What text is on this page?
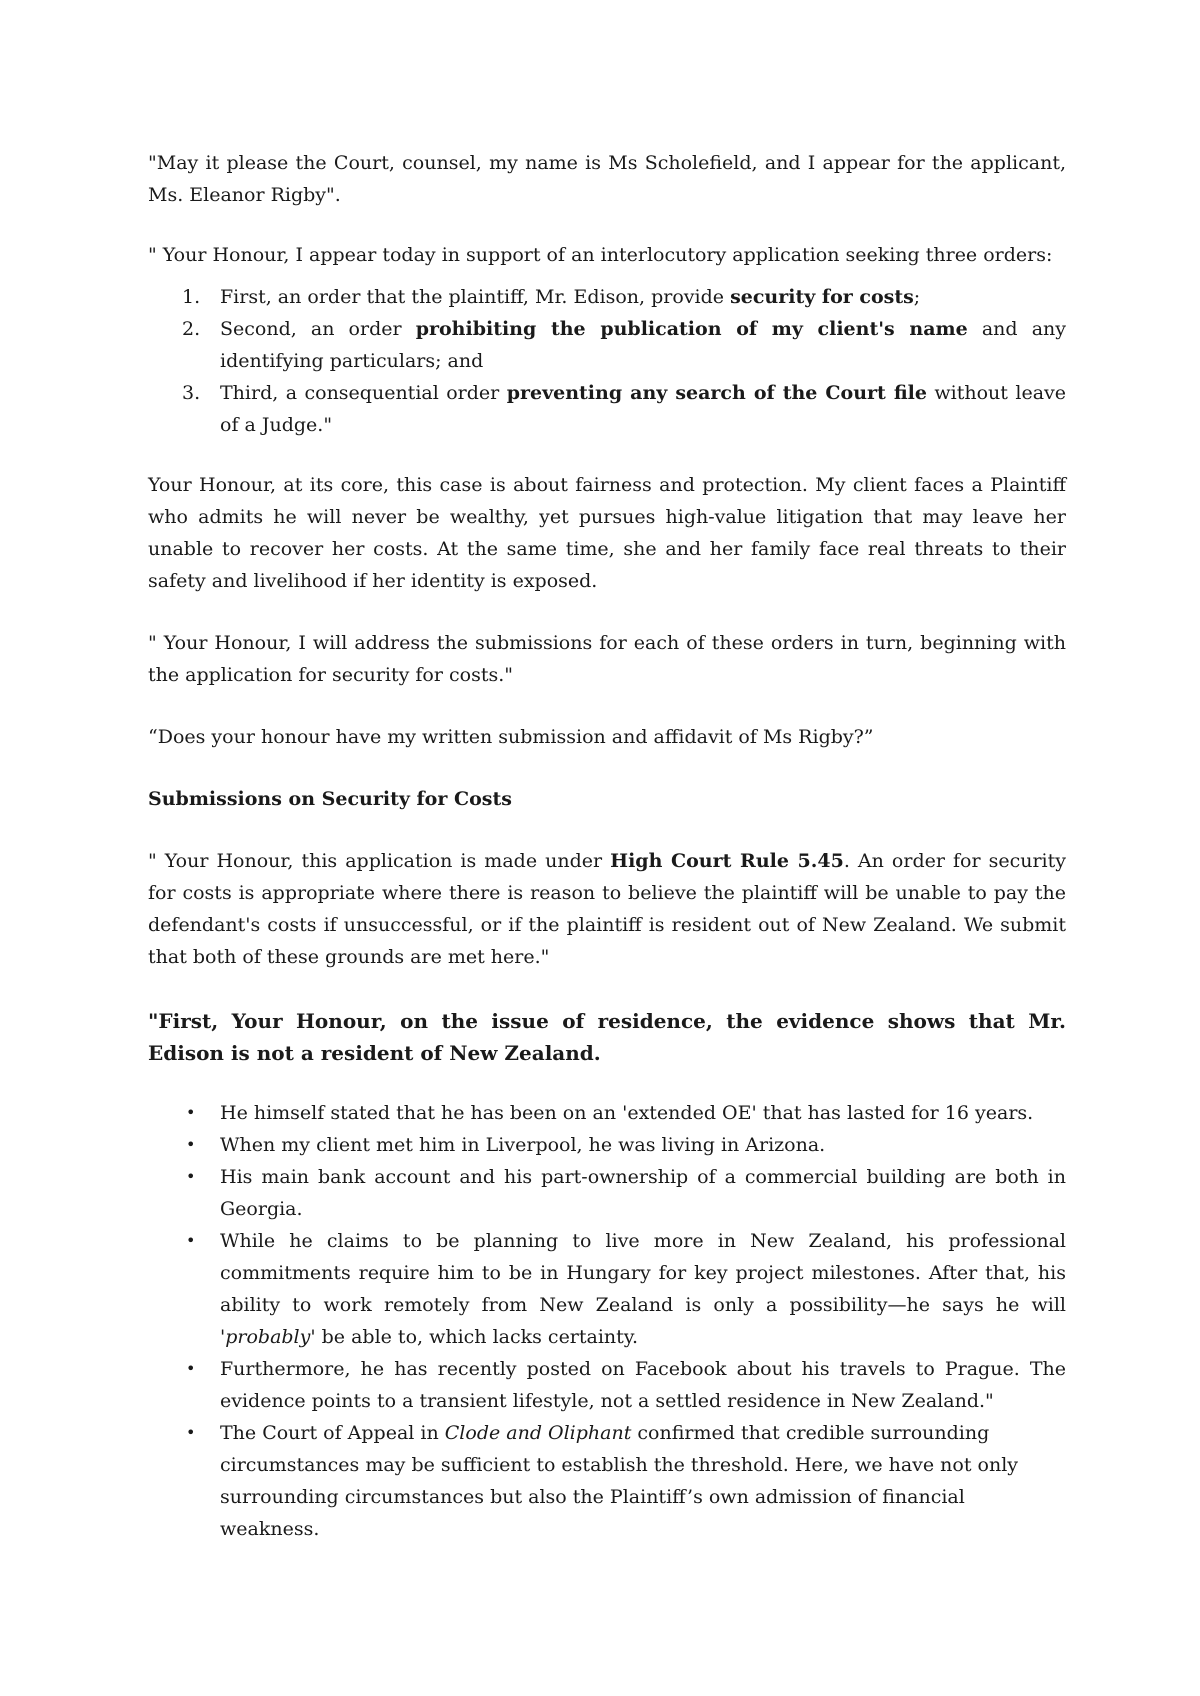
"May it please the Court, counsel, my name is Ms Scholefield, and I appear for the applicant, Ms. Eleanor Rigby".

" Your Honour, I appear today in support of an interlocutory application seeking three orders:

1. First, an order that the plaintiff, Mr. Edison, provide security for costs;
2. Second, an order prohibiting the publication of my client's name and any identifying particulars; and
3. Third, a consequential order preventing any search of the Court file without leave of a Judge."

Your Honour, at its core, this case is about fairness and protection. My client faces a Plaintiff who admits he will never be wealthy, yet pursues high-value litigation that may leave her unable to recover her costs. At the same time, she and her family face real threats to their safety and livelihood if her identity is exposed.

" Your Honour, I will address the submissions for each of these orders in turn, beginning with the application for security for costs."

“Does your honour have my written submission and affidavit of Ms Rigby?”

Submissions on Security for Costs

" Your Honour, this application is made under High Court Rule 5.45. An order for security for costs is appropriate where there is reason to believe the plaintiff will be unable to pay the defendant's costs if unsuccessful, or if the plaintiff is resident out of New Zealand. We submit that both of these grounds are met here."

"First, Your Honour, on the issue of residence, the evidence shows that Mr. Edison is not a resident of New Zealand.

• He himself stated that he has been on an 'extended OE' that has lasted for 16 years.
• When my client met him in Liverpool, he was living in Arizona.
• His main bank account and his part-ownership of a commercial building are both in Georgia.
• While he claims to be planning to live more in New Zealand, his professional commitments require him to be in Hungary for key project milestones. After that, his ability to work remotely from New Zealand is only a possibility—he says he will 'probably' be able to, which lacks certainty.
• Furthermore, he has recently posted on Facebook about his travels to Prague. The evidence points to a transient lifestyle, not a settled residence in New Zealand."
• The Court of Appeal in Clode and Oliphant confirmed that credible surrounding circumstances may be sufficient to establish the threshold. Here, we have not only surrounding circumstances but also the Plaintiff’s own admission of financial weakness.
